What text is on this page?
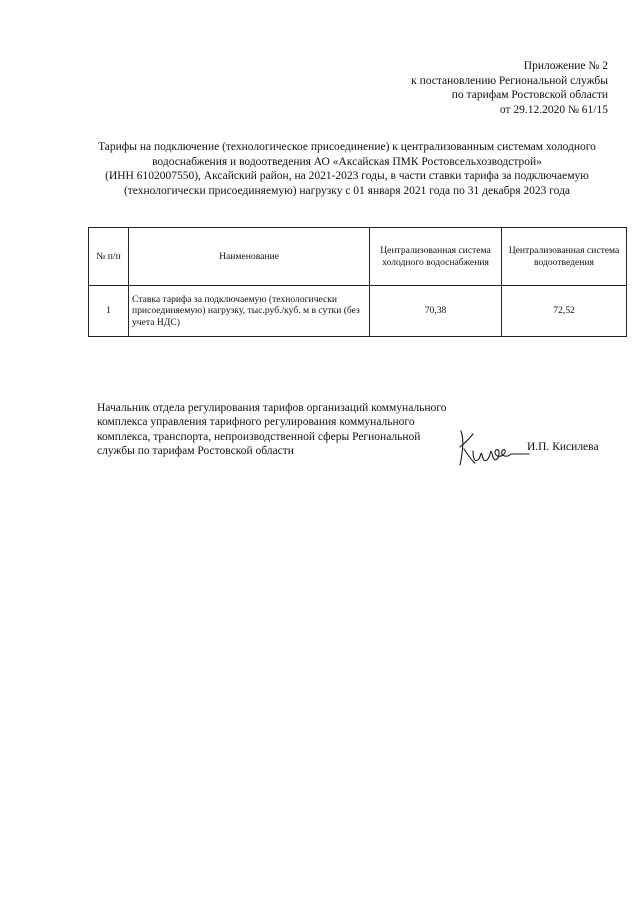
Приложение № 2
к постановлению Региональной службы
по тарифам Ростовской области
от 29.12.2020 № 61/15
Тарифы на подключение (технологическое присоединение) к централизованным системам холодного
водоснабжения и водоотведения АО «Аксайская ПМК Ростовсельхозводстрой»
(ИНН 6102007550), Аксайский район, на 2021-2023 годы, в части ставки тарифа за подключаемую
(технологически присоединяемую) нагрузку с 01 января 2021 года по 31 декабря 2023 года
№ п/п	Наименование	Централизованная система холодного водоснабжения	Централизованная система водоотведения
1	Ставка тарифа за подключаемую (технологически присоединяемую) нагрузку, тыс.руб./куб. м в сутки (без учета НДС)	70,38	72,52
Начальник отдела регулирования тарифов организаций коммунального
комплекса управления тарифного регулирования коммунального
комплекса, транспорта, непроизводственной сферы Региональной
службы по тарифам Ростовской области	И.П. Кисилева
